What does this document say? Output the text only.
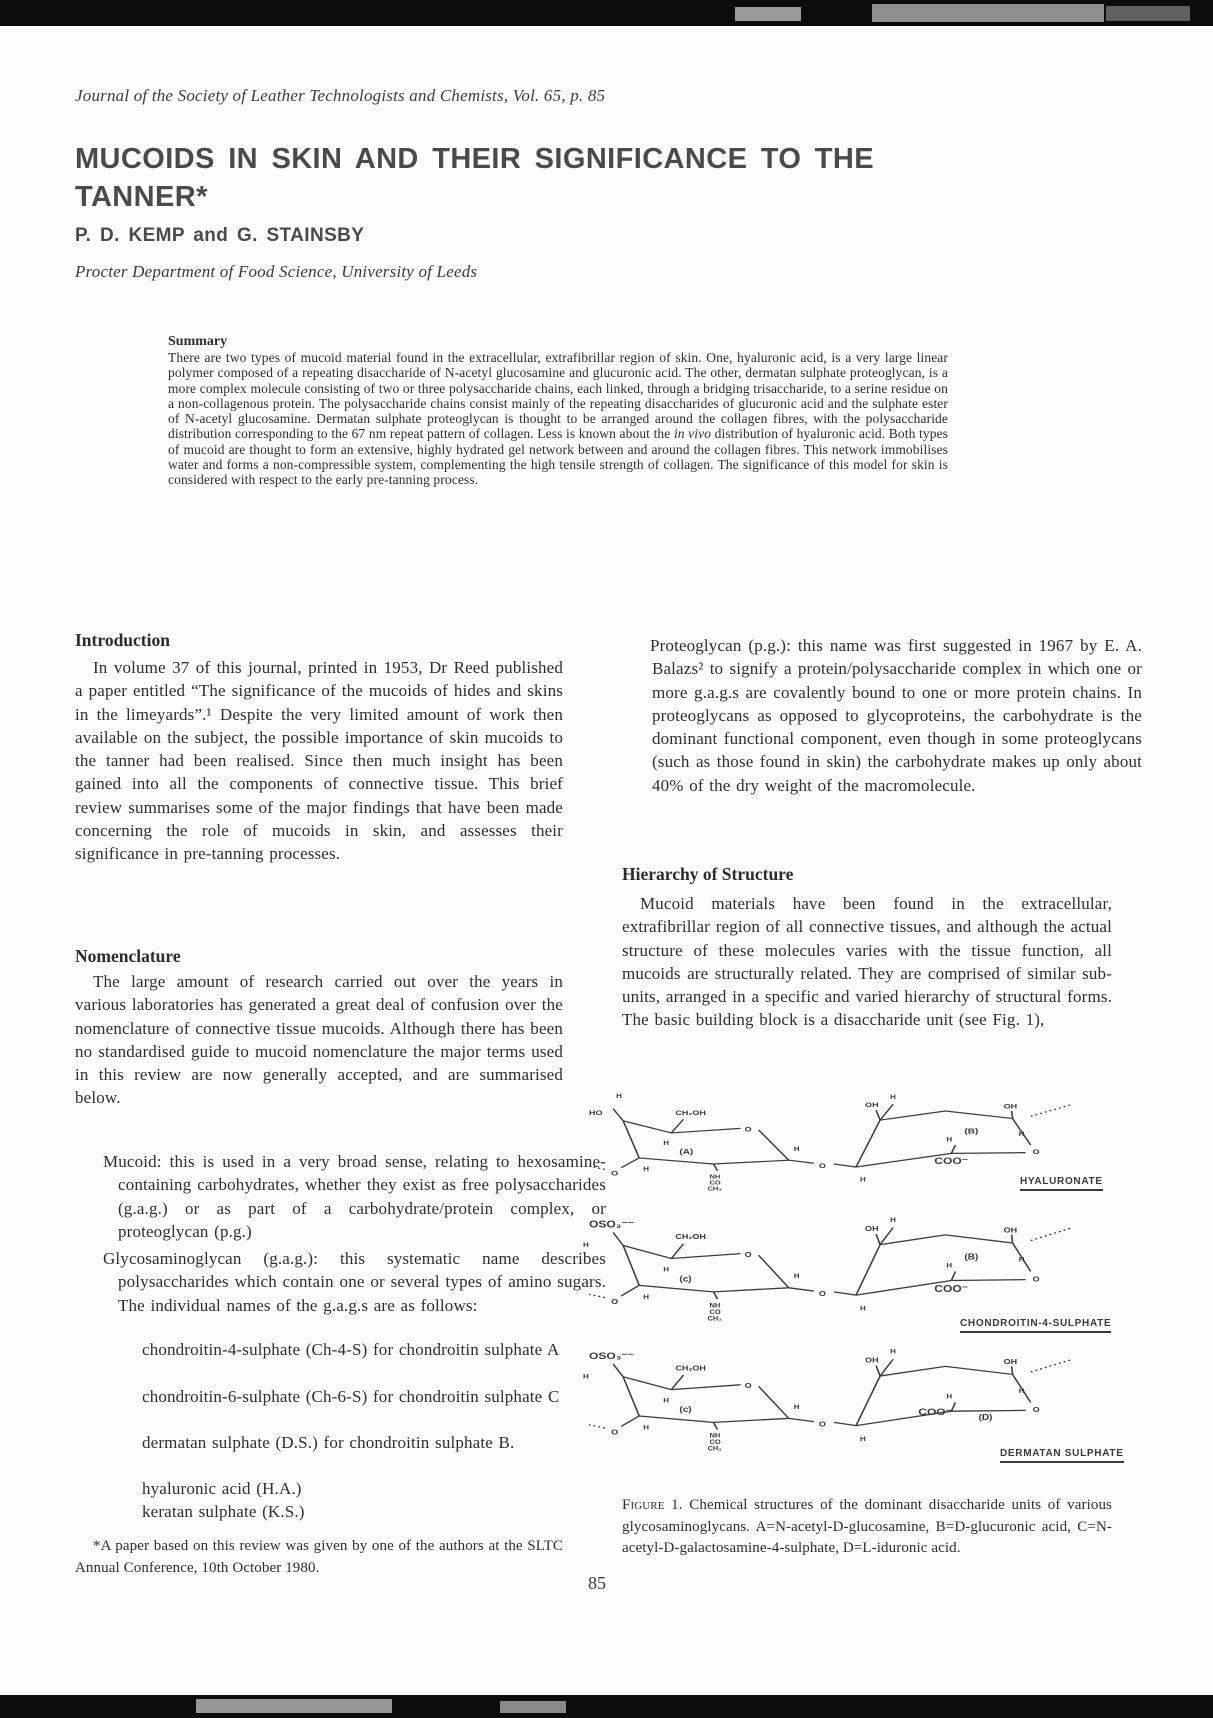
Journal of the Society of Leather Technologists and Chemists, Vol. 65, p. 85
MUCOIDS IN SKIN AND THEIR SIGNIFICANCE TO THE
TANNER*
P. D. KEMP and G. STAINSBY
Procter Department of Food Science, University of Leeds
Summary
There are two types of mucoid material found in the extracellular, extrafibrillar region of skin. One, hyaluronic acid, is a very large linear polymer composed of a repeating disaccharide of N-acetyl glucosamine and glucuronic acid. The other, dermatan sulphate proteoglycan, is a more complex molecule consisting of two or three polysaccharide chains, each linked, through a bridging trisaccharide, to a serine residue on a non-collagenous protein. The polysaccharide chains consist mainly of the repeating disaccharides of glucuronic acid and the sulphate ester of N-acetyl glucosamine. Dermatan sulphate proteoglycan is thought to be arranged around the collagen fibres, with the polysaccharide distribution corresponding to the 67 nm repeat pattern of collagen. Less is known about the in vivo distribution of hyaluronic acid. Both types of mucoid are thought to form an extensive, highly hydrated gel network between and around the collagen fibres. This network immobilises water and forms a non-compressible system, complementing the high tensile strength of collagen. The significance of this model for skin is considered with respect to the early pre-tanning process.
Introduction
In volume 37 of this journal, printed in 1953, Dr Reed published a paper entitled “The significance of the mucoids of hides and skins in the limeyards”.¹ Despite the very limited amount of work then available on the subject, the possible importance of skin mucoids to the tanner had been realised. Since then much insight has been gained into all the components of connective tissue. This brief review summarises some of the major findings that have been made concerning the role of mucoids in skin, and assesses their significance in pre-tanning processes.
Nomenclature
The large amount of research carried out over the years in various laboratories has generated a great deal of confusion over the nomenclature of connective tissue mucoids. Although there has been no standardised guide to mucoid nomenclature the major terms used in this review are now generally accepted, and are summarised below.
Mucoid: this is used in a very broad sense, relating to hexosamine-containing carbohydrates, whether they exist as free polysaccharides (g.a.g.) or as part of a carbohydrate/protein complex, or proteoglycan (p.g.)
Glycosaminoglycan (g.a.g.): this systematic name describes polysaccharides which contain one or several types of amino sugars. The individual names of the g.a.g.s are as follows:
chondroitin-4-sulphate (Ch-4-S) for chondroitin sulphate A
chondroitin-6-sulphate (Ch-6-S) for chondroitin sulphate C
dermatan sulphate (D.S.) for chondroitin sulphate B.
hyaluronic acid (H.A.)
keratan sulphate (K.S.)
*A paper based on this review was given by one of the authors at the SLTC Annual Conference, 10th October 1980.
Proteoglycan (p.g.): this name was first suggested in 1967 by E. A. Balazs² to signify a protein/polysaccharide complex in which one or more g.a.g.s are covalently bound to one or more protein chains. In proteoglycans as opposed to glycoproteins, the carbohydrate is the dominant functional component, even though in some proteoglycans (such as those found in skin) the carbohydrate makes up only about 40% of the dry weight of the macromolecule.
Hierarchy of Structure
Mucoid materials have been found in the extracellular, extrafibrillar region of all connective tissues, and although the actual structure of these molecules varies with the tissue function, all mucoids are structurally related. They are comprised of similar sub-units, arranged in a specific and varied hierarchy of structural forms. The basic building block is a disaccharide unit (see Fig. 1),
H
HO	CH₂OH
O
H
(A)	H
H
O
NH
CO
CH₃
O
H
OH
H
OH
(B)
H
COO⁻
H
O
HYALURONATE
OSO₃⁻⁻
H
CH₂OH
O
H
(c)	H
H
O
NH
CO
CH₃
O
H
OH
H
OH
(B)
H
COO⁻
H
O
CHONDROITIN-4-SULPHATE
OSO₃⁻⁻
H
CH₂OH
O
H
(c)	H
H
O
NH
CO
CH₃
O
H
OH
H
OH
H
COO⁻	(D)
H
O
DERMATAN SULPHATE
Figure 1. Chemical structures of the dominant disaccharide units of various glycosaminoglycans. A=N-acetyl-D-glucosamine, B=D-glucuronic acid, C=N-acetyl-D-galactosamine-4-sulphate, D=L-iduronic acid.
85
